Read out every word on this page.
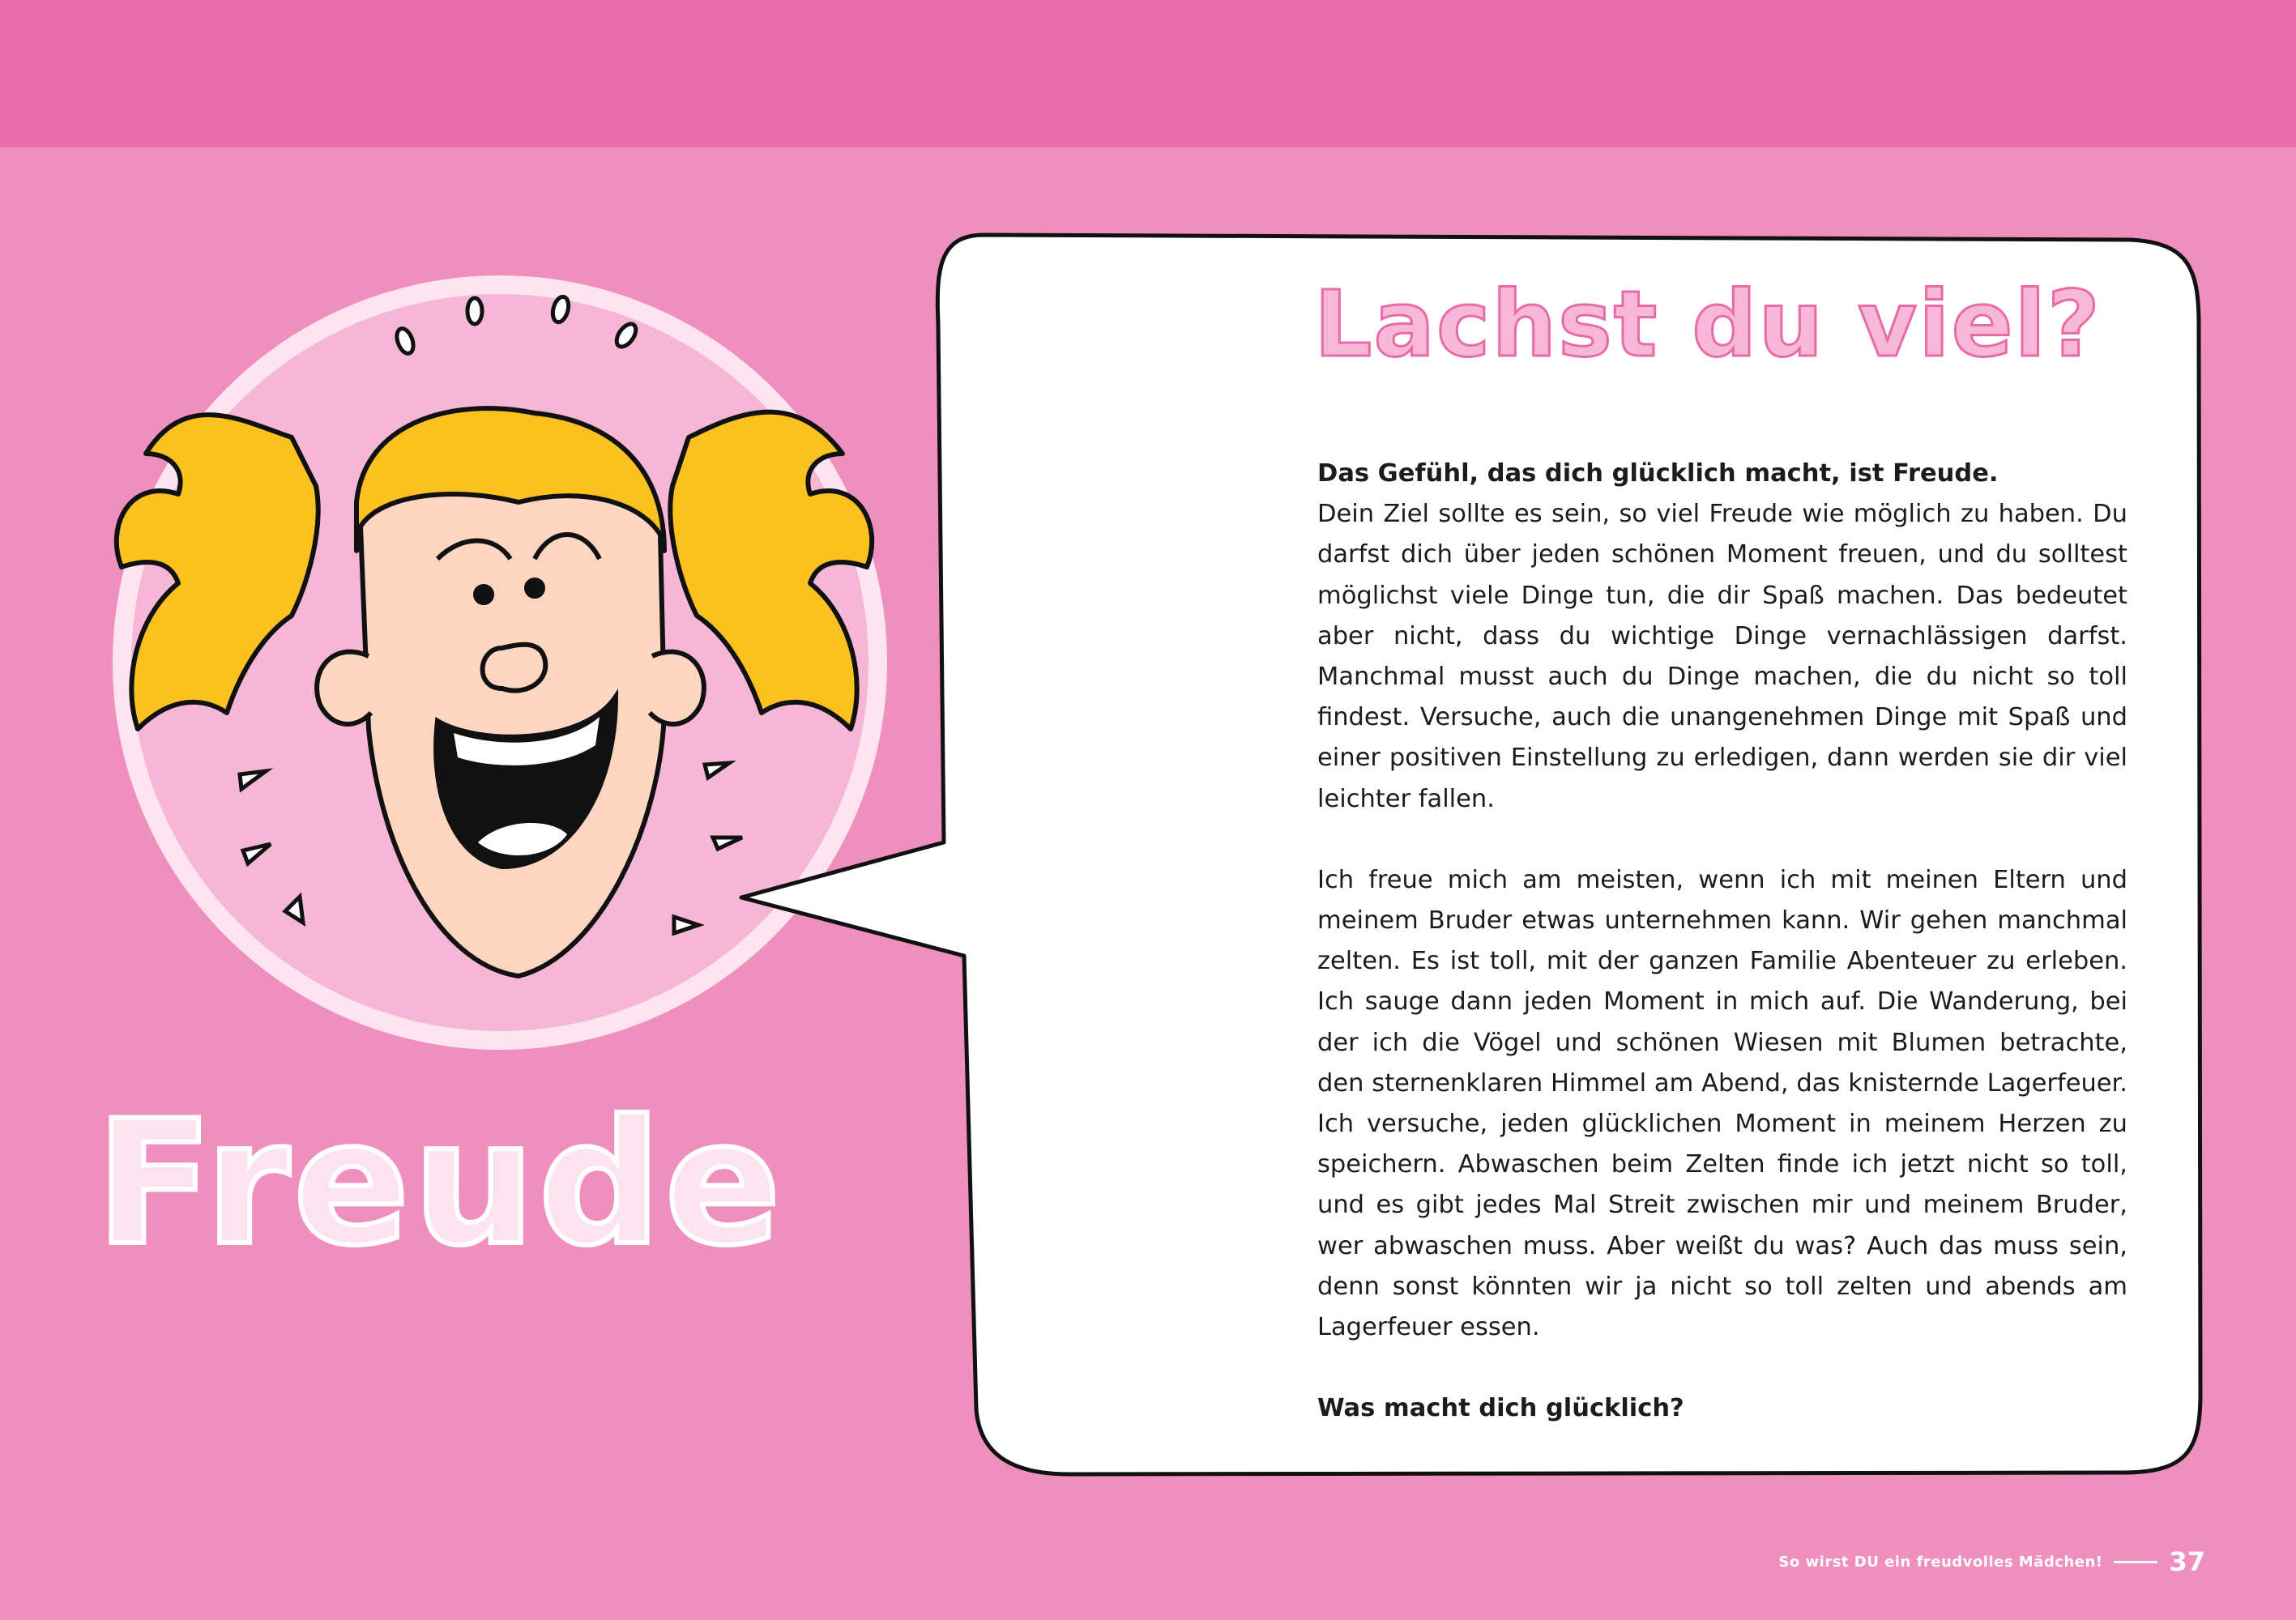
Freude
Lachst du viel?

Das Gefühl, das dich glücklich macht, ist Freude.

Dein Ziel sollte es sein, so viel Freude wie möglich zu haben. Du darfst dich über jeden schönen Moment freuen, und du solltest möglichst viele Dinge tun, die dir Spaß machen. Das bedeutet aber nicht, dass du wichtige Dinge vernachlässigen darfst. Manchmal musst auch du Dinge machen, die du nicht so toll findest. Versuche, auch die unangenehmen Dinge mit Spaß und einer positiven Einstellung zu erledigen, dann werden sie dir viel leichter fallen.

Ich freue mich am meisten, wenn ich mit meinen Eltern und meinem Bruder etwas unternehmen kann. Wir gehen manchmal zelten. Es ist toll, mit der ganzen Familie Abenteuer zu erleben. Ich sauge dann jeden Moment in mich auf. Die Wanderung, bei der ich die Vögel und schönen Wiesen mit Blumen betrachte, den sternenklaren Himmel am Abend, das knisternde Lagerfeuer. Ich versuche, jeden glücklichen Moment in meinem Herzen zu speichern. Abwaschen beim Zelten finde ich jetzt nicht so toll, und es gibt jedes Mal Streit zwischen mir und meinem Bruder, wer abwaschen muss. Aber weißt du was? Auch das muss sein, denn sonst könnten wir ja nicht so toll zelten und abends am Lagerfeuer essen.

Was macht dich glücklich?

So wirst DU ein freudvolles Mädchen!	37
